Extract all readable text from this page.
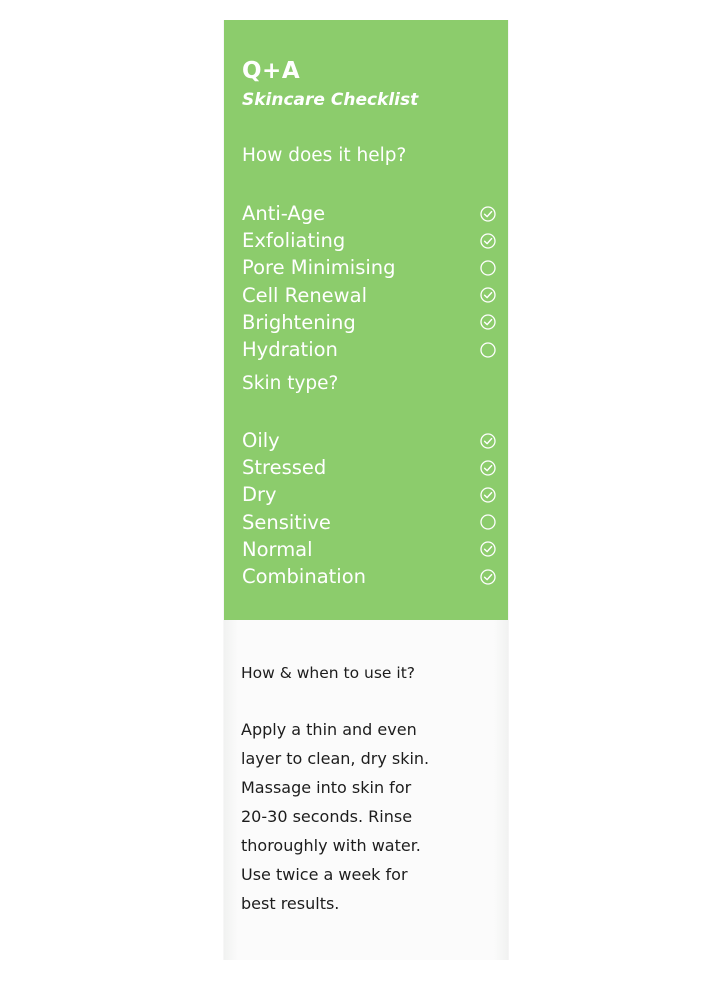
Q+A
Skincare Checklist
How does it help?
Anti-Age
Exfoliating
Pore Minimising
Cell Renewal
Brightening
Hydration
Skin type?
Oily
Stressed
Dry
Sensitive
Normal
Combination
How & when to use it?
Apply a thin and even
layer to clean, dry skin.
Massage into skin for
20-30 seconds. Rinse
thoroughly with water.
Use twice a week for
best results.
